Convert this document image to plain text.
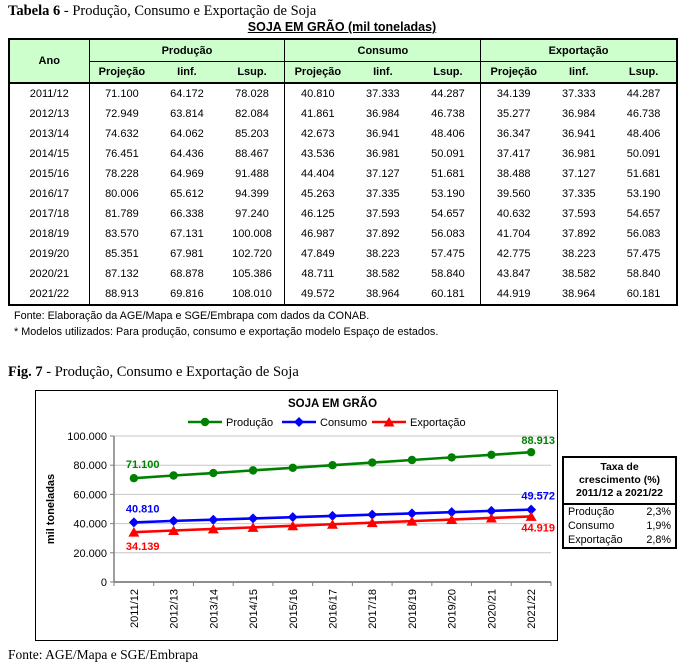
Tabela 6 - Produção, Consumo e Exportação de Soja
SOJA EM GRÃO (mil toneladas)
Ano	Produção			Consumo			Exportação		
	Projeção	Iinf.	Lsup.	Projeção	Iinf.	Lsup.	Projeção	Iinf.	Lsup.
2011/12	71.100	64.172	78.028	40.810	37.333	44.287	34.139	37.333	44.287
2012/13	72.949	63.814	82.084	41.861	36.984	46.738	35.277	36.984	46.738
2013/14	74.632	64.062	85.203	42.673	36.941	48.406	36.347	36.941	48.406
2014/15	76.451	64.436	88.467	43.536	36.981	50.091	37.417	36.981	50.091
2015/16	78.228	64.969	91.488	44.404	37.127	51.681	38.488	37.127	51.681
2016/17	80.006	65.612	94.399	45.263	37.335	53.190	39.560	37.335	53.190
2017/18	81.789	66.338	97.240	46.125	37.593	54.657	40.632	37.593	54.657
2018/19	83.570	67.131	100.008	46.987	37.892	56.083	41.704	37.892	56.083
2019/20	85.351	67.981	102.720	47.849	38.223	57.475	42.775	38.223	57.475
2020/21	87.132	68.878	105.386	48.711	38.582	58.840	43.847	38.582	58.840
2021/22	88.913	69.816	108.010	49.572	38.964	60.181	44.919	38.964	60.181
Fonte: Elaboração da AGE/Mapa e SGE/Embrapa com dados da CONAB.
* Modelos utilizados: Para produção, consumo e exportação modelo Espaço de estados.
Fig. 7 - Produção, Consumo e Exportação de Soja
0
20.000
40.000
60.000
80.000
100.000
2011/12	2012/13	2013/14	2014/15	2015/16	2016/17	2017/18	2018/19	2019/20	2020/21	2021/22
mil toneladas
71.100
88.913
40.810
49.572
34.139
44.919
SOJA EM GRÃO
Produção	Consumo	Exportação
Taxa de
crescimento (%)
2011/12 a 2021/22
Produção	2,3%
Consumo	1,9%
Exportação 2,8%
Fonte: AGE/Mapa e SGE/Embrapa
